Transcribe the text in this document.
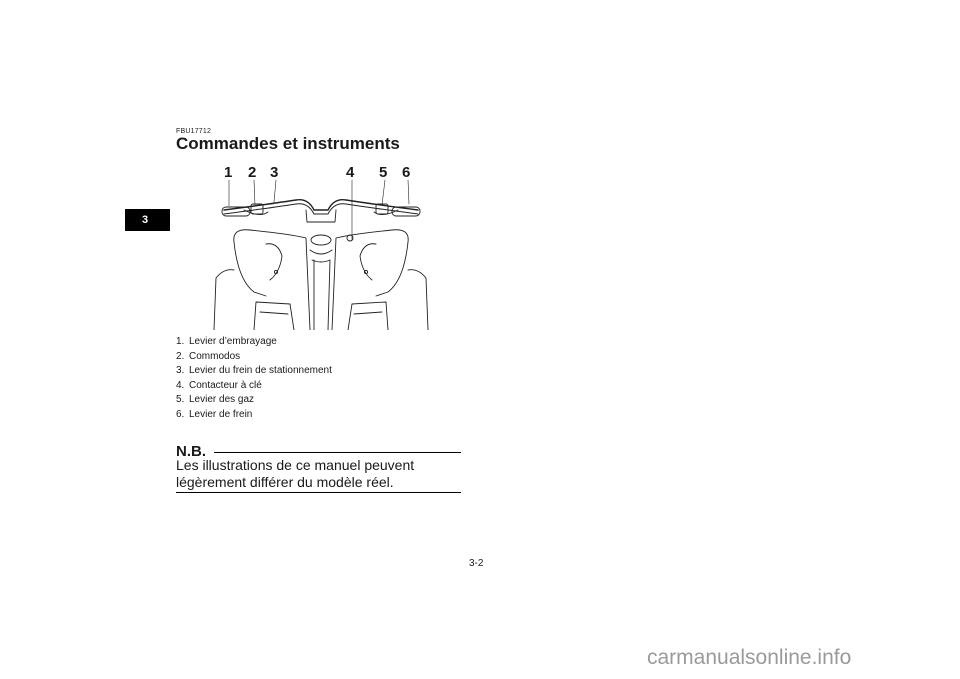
3
FBU17712
Commandes et instruments
1 2 3	4 5 6
1. Levier d’embrayage
2. Commodos
3. Levier du frein de stationnement
4. Contacteur à clé
5. Levier des gaz
6. Levier de frein
N.B.
Les illustrations de ce manuel peuvent légèrement différer du modèle réel.
3-2
carmanualsonline.info
